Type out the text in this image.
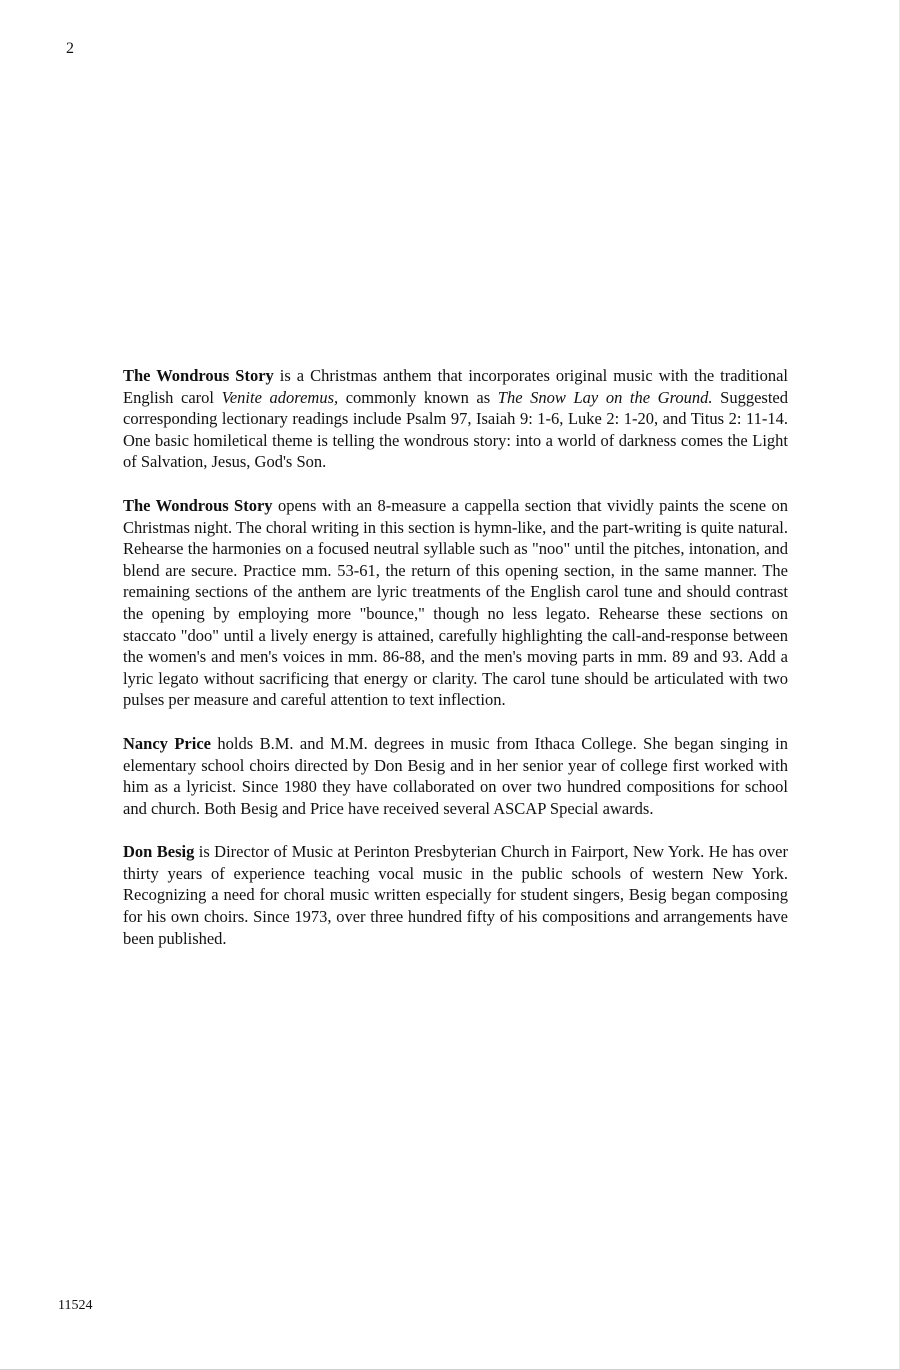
2

The Wondrous Story is a Christmas anthem that incorporates original music with the traditional English carol Venite adoremus, commonly known as The Snow Lay on the Ground. Suggested corresponding lectionary readings include Psalm 97, Isaiah 9: 1-6, Luke 2: 1-20, and Titus 2: 11-14. One basic homiletical theme is telling the wondrous story: into a world of darkness comes the Light of Salvation, Jesus, God's Son.

The Wondrous Story opens with an 8-measure a cappella section that vividly paints the scene on Christmas night. The choral writing in this section is hymn-like, and the part-writing is quite natural. Rehearse the harmonies on a focused neutral syllable such as "noo" until the pitches, intonation, and blend are secure. Practice mm. 53-61, the return of this opening section, in the same manner. The remaining sections of the anthem are lyric treatments of the English carol tune and should contrast the opening by employing more "bounce," though no less legato. Rehearse these sections on staccato "doo" until a lively energy is attained, carefully highlighting the call-and-response between the women's and men's voices in mm. 86-88, and the men's moving parts in mm. 89 and 93. Add a lyric legato without sacrificing that energy or clarity. The carol tune should be articulated with two pulses per measure and careful attention to text inflection.

Nancy Price holds B.M. and M.M. degrees in music from Ithaca College. She began singing in elementary school choirs directed by Don Besig and in her senior year of college first worked with him as a lyricist. Since 1980 they have collaborated on over two hundred compositions for school and church. Both Besig and Price have received several ASCAP Special awards.

Don Besig is Director of Music at Perinton Presbyterian Church in Fairport, New York. He has over thirty years of experience teaching vocal music in the public schools of western New York. Recognizing a need for choral music written especially for student singers, Besig began composing for his own choirs. Since 1973, over three hundred fifty of his compositions and arrangements have been published.

11524
